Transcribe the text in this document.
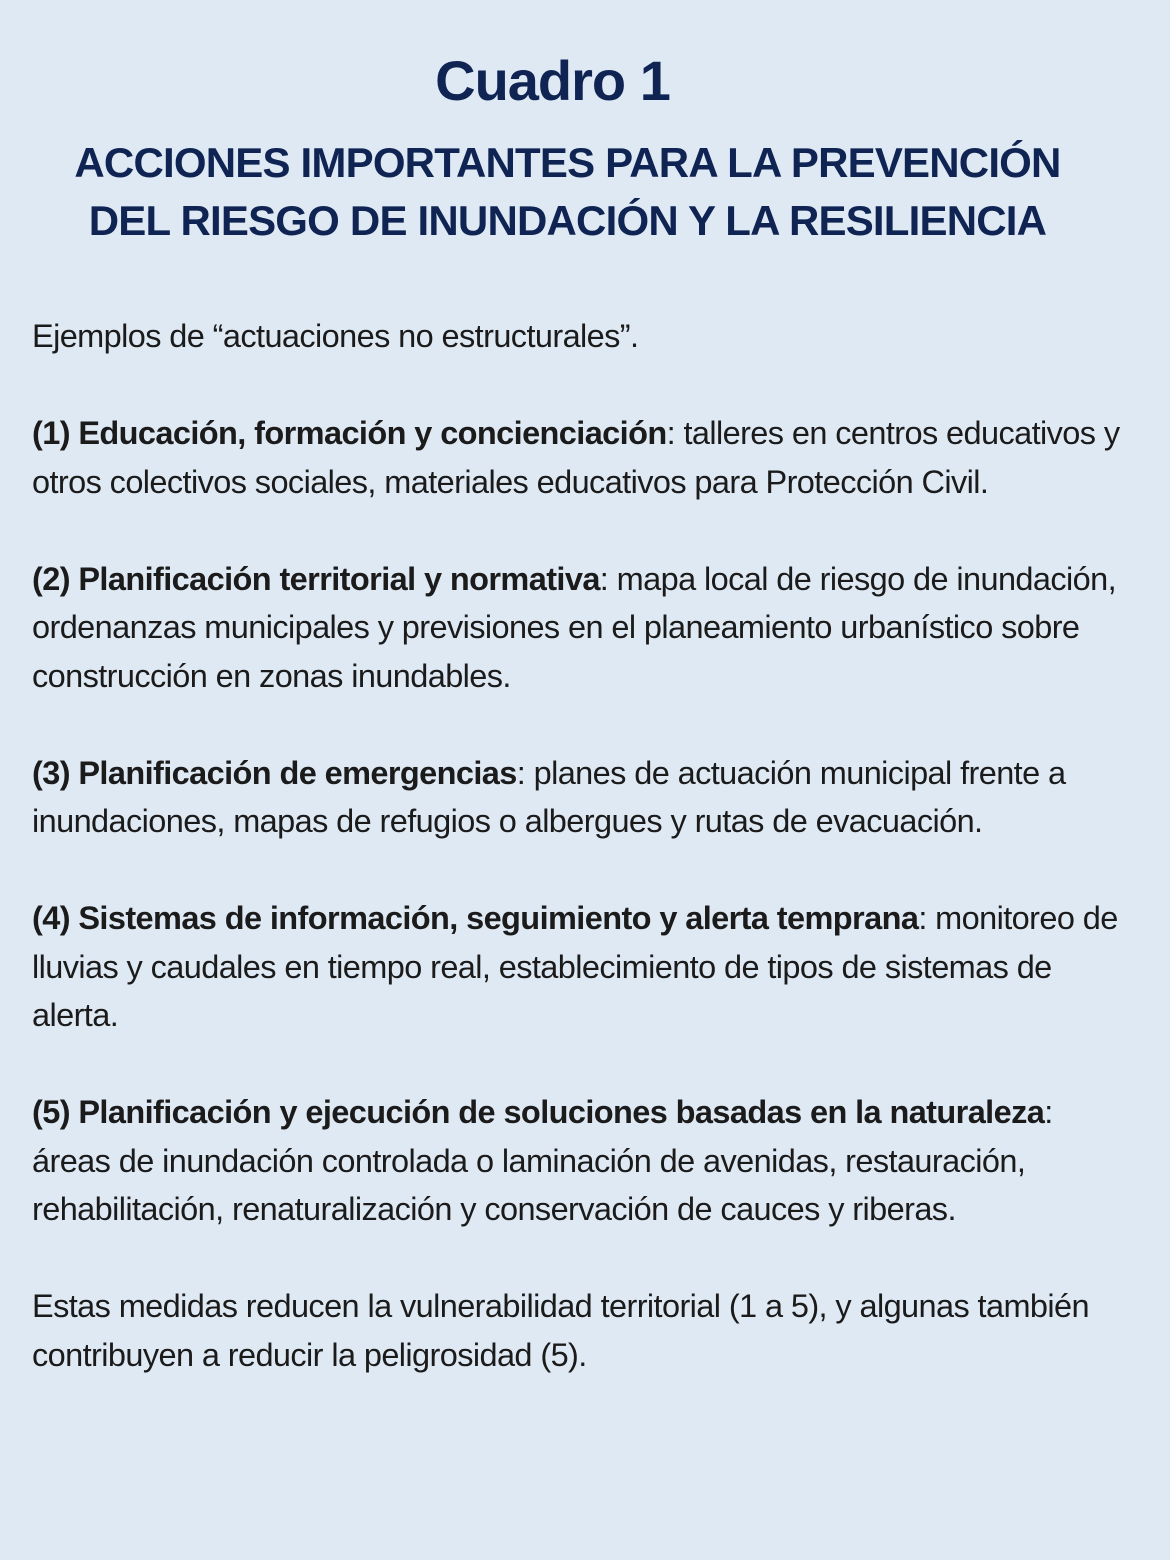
Cuadro 1
ACCIONES IMPORTANTES PARA LA PREVENCIÓN
DEL RIESGO DE INUNDACIÓN Y LA RESILIENCIA

Ejemplos de “actuaciones no estructurales”.

(1) Educación, formación y concienciación: talleres en centros educativos y otros colectivos sociales, materiales educativos para Protección Civil.

(2) Planificación territorial y normativa: mapa local de riesgo de inundación, ordenanzas municipales y previsiones en el planeamiento urbanístico sobre construcción en zonas inundables.

(3) Planificación de emergencias: planes de actuación municipal frente a inundaciones, mapas de refugios o albergues y rutas de evacuación.

(4) Sistemas de información, seguimiento y alerta temprana: monitoreo de lluvias y caudales en tiempo real, establecimiento de tipos de sistemas de alerta.

(5) Planificación y ejecución de soluciones basadas en la naturaleza: áreas de inundación controlada o laminación de avenidas, restauración, rehabilitación, renaturalización y conservación de cauces y riberas.

Estas medidas reducen la vulnerabilidad territorial (1 a 5), y algunas también contribuyen a reducir la peligrosidad (5).
